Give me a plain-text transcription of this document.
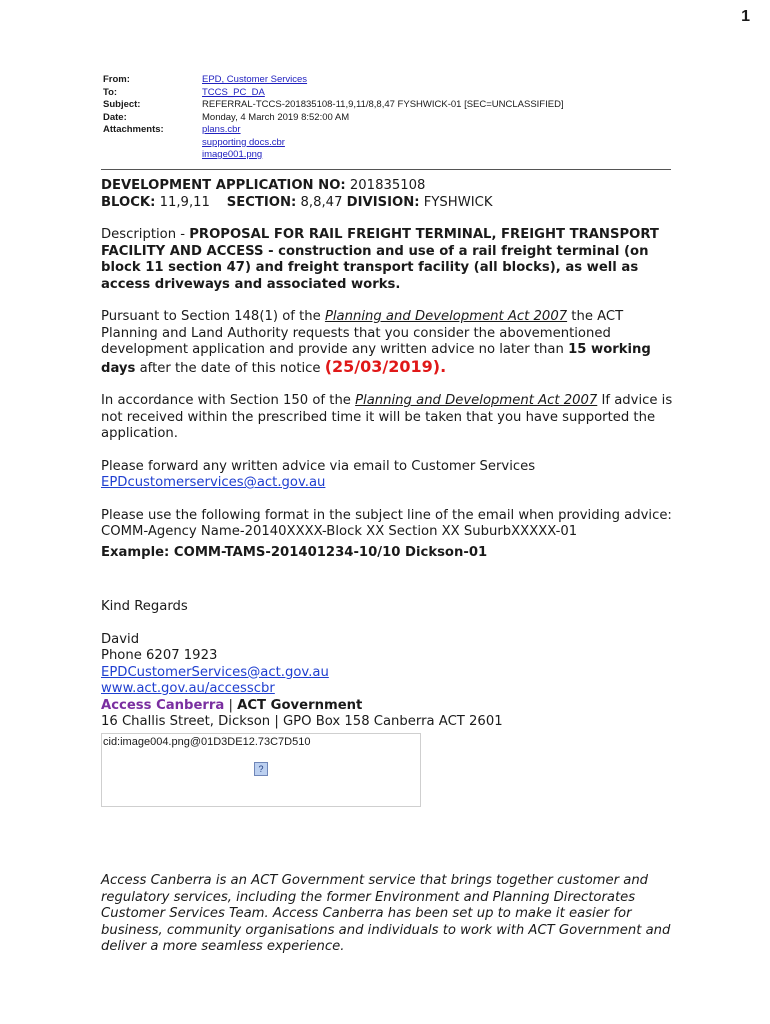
1
From:	EPD, Customer Services
To:	TCCS_PC_DA
Subject:	REFERRAL-TCCS-201835108-11,9,11/8,8,47 FYSHWICK-01 [SEC=UNCLASSIFIED]
Date:	Monday, 4 March 2019 8:52:00 AM
Attachments:	plans.cbr
supporting docs.cbr
image001.png

DEVELOPMENT APPLICATION NO: 201835108

BLOCK: 11,9,11 SECTION: 8,8,47 DIVISION: FYSHWICK

Description - PROPOSAL FOR RAIL FREIGHT TERMINAL, FREIGHT TRANSPORT FACILITY AND ACCESS - construction and use of a rail freight terminal (on block 11 section 47) and freight transport facility (all blocks), as well as access driveways and associated works.

Pursuant to Section 148(1) of the Planning and Development Act 2007 the ACT Planning and Land Authority requests that you consider the abovementioned development application and provide any written advice no later than 15 working days after the date of this notice (25/03/2019).

In accordance with Section 150 of the Planning and Development Act 2007 If advice is not received within the prescribed time it will be taken that you have supported the application.

Please forward any written advice via email to Customer Services

EPDcustomerservices@act.gov.au

Please use the following format in the subject line of the email when providing advice:

COMM-Agency Name-20140XXXX-Block XX Section XX SuburbXXXXX-01

Example: COMM-TAMS-201401234-10/10 Dickson-01

Kind Regards

David

Phone 6207 1923

EPDCustomerServices@act.gov.au

www.act.gov.au/accesscbr

Access Canberra | ACT Government

16 Challis Street, Dickson | GPO Box 158 Canberra ACT 2601

cid:image004.png@01D3DE12.73C7D510
?

Access Canberra is an ACT Government service that brings together customer and regulatory services, including the former Environment and Planning Directorates Customer Services Team. Access Canberra has been set up to make it easier for business, community organisations and individuals to work with ACT Government and deliver a more seamless experience.
